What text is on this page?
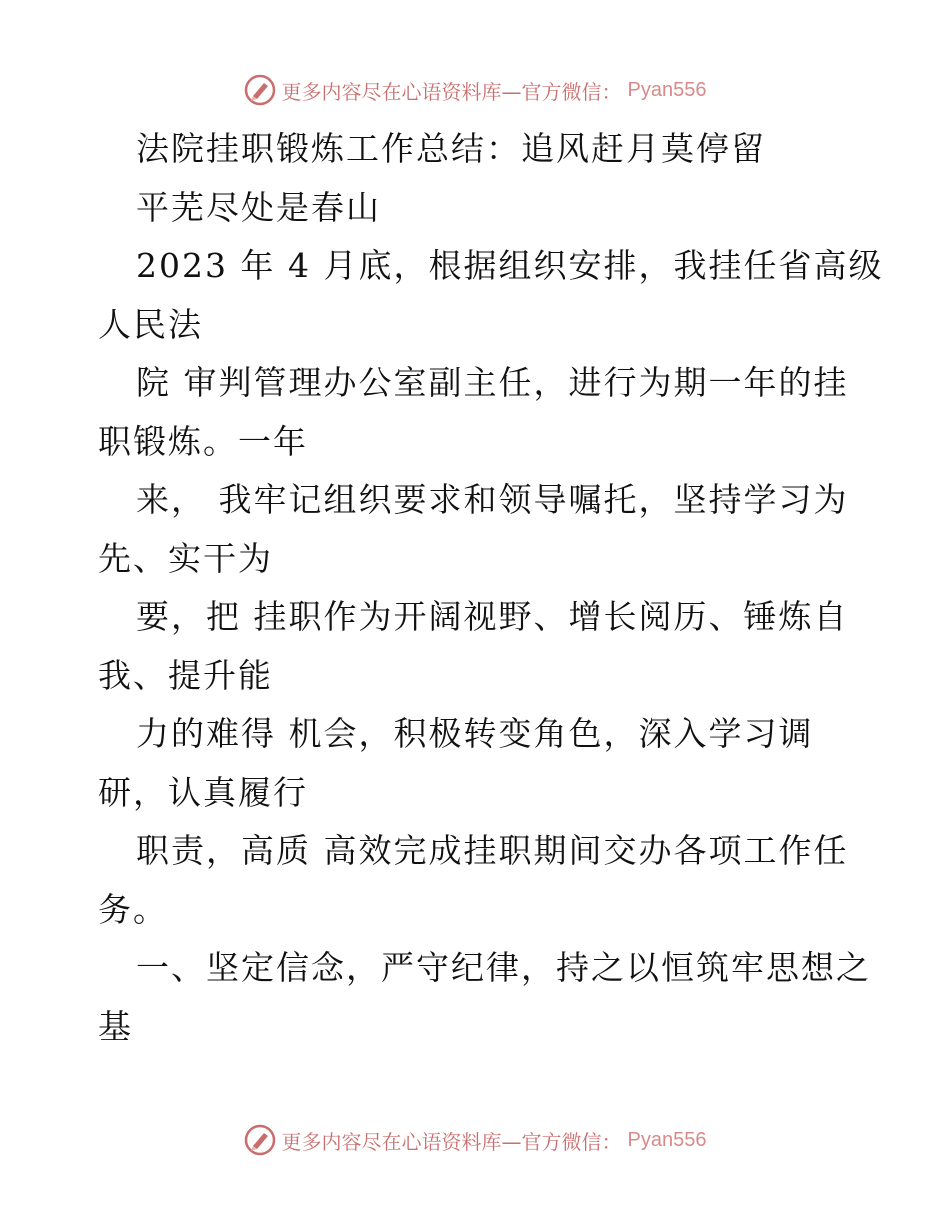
更多内容尽在心语资料库—官方微信： Pyan556
法院挂职锻炼工作总结：追风赶月莫停留
平芜尽处是春山
2023 年 4 月底，根据组织安排，我挂任省高级
人民法
院 审判管理办公室副主任，进行为期一年的挂
职锻炼。一年
来， 我牢记组织要求和领导嘱托，坚持学习为
先、实干为
要，把 挂职作为开阔视野、增长阅历、锤炼自
我、提升能
力的难得 机会，积极转变角色，深入学习调
研，认真履行
职责，高质 高效完成挂职期间交办各项工作任
务。
一、坚定信念，严守纪律，持之以恒筑牢思想之
基
更多内容尽在心语资料库—官方微信： Pyan556
